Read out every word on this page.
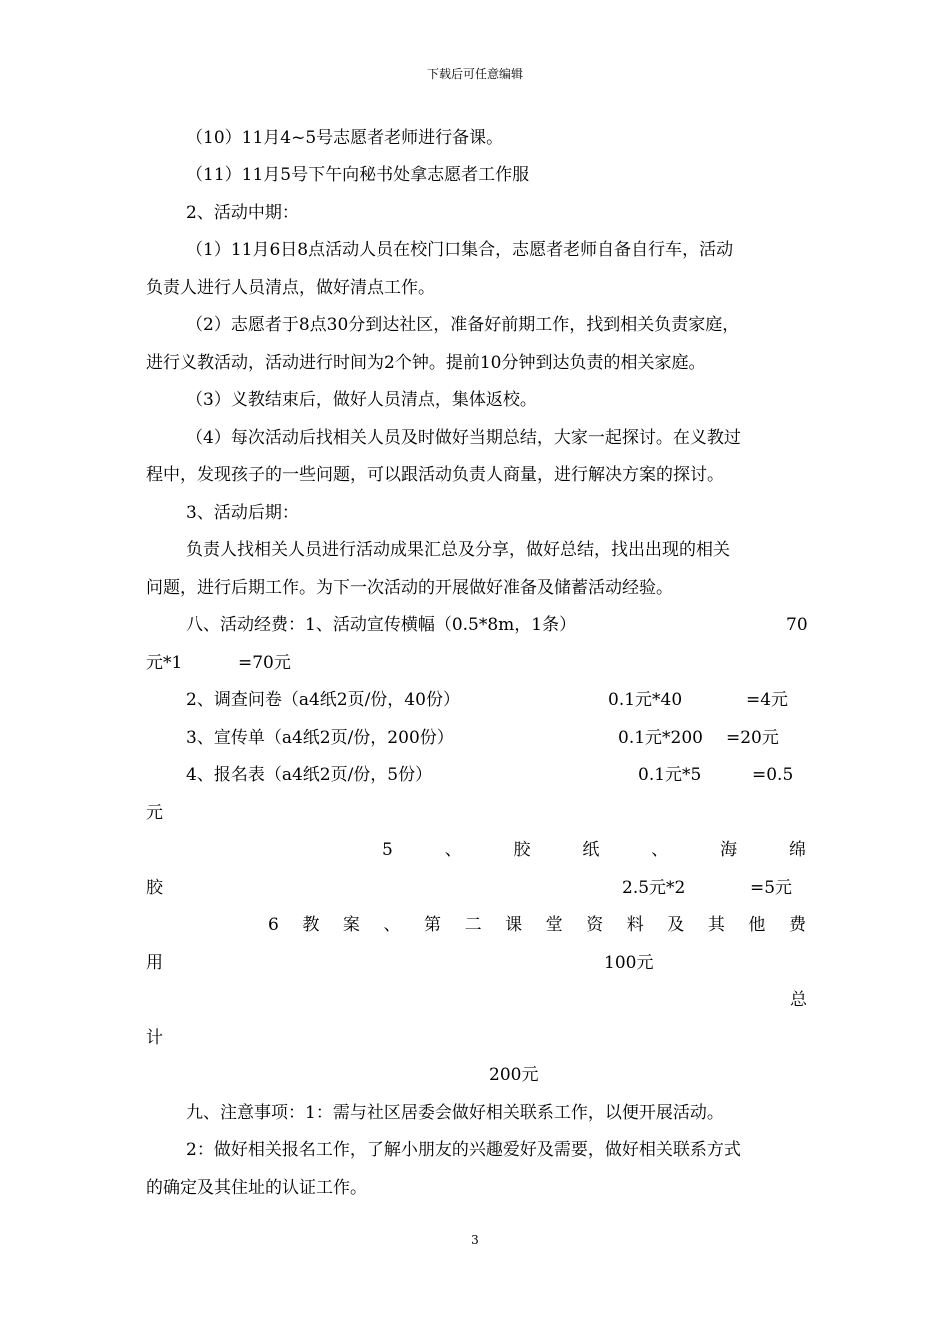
下载后可任意编辑
（10）11月4~5号志愿者老师进行备课。
（11）11月5号下午向秘书处拿志愿者工作服
2、活动中期：
（1）11月6日8点活动人员在校门口集合，志愿者老师自备自行车，活动
负责人进行人员清点，做好清点工作。
（2）志愿者于8点30分到达社区，准备好前期工作，找到相关负责家庭，
进行义教活动，活动进行时间为2个钟。提前10分钟到达负责的相关家庭。
（3）义教结束后，做好人员清点，集体返校。
（4）每次活动后找相关人员及时做好当期总结，大家一起探讨。在义教过
程中，发现孩子的一些问题，可以跟活动负责人商量，进行解决方案的探讨。
3、活动后期：
负责人找相关人员进行活动成果汇总及分享，做好总结，找出出现的相关
问题，进行后期工作。为下一次活动的开展做好准备及储蓄活动经验。
八、活动经费：1、活动宣传横幅（0.5*8m，1条）	70
元*1	=70元
2、调查问卷（a4纸2页/份，40份）	0.1元*40	=4元
3、宣传单（a4纸2页/份，200份）	0.1元*200 =20元
4、报名表（a4纸2页/份，5份）	0.1元*5	=0.5
元
5	、	胶	纸	、	海	绵
胶	2.5元*2	=5元
6 教 案 、 第 二 课 堂 资 料 及 其 他 费
用	100元
总
计
200元
九、注意事项：1：需与社区居委会做好相关联系工作，以便开展活动。
2：做好相关报名工作，了解小朋友的兴趣爱好及需要，做好相关联系方式
的确定及其住址的认证工作。
3
